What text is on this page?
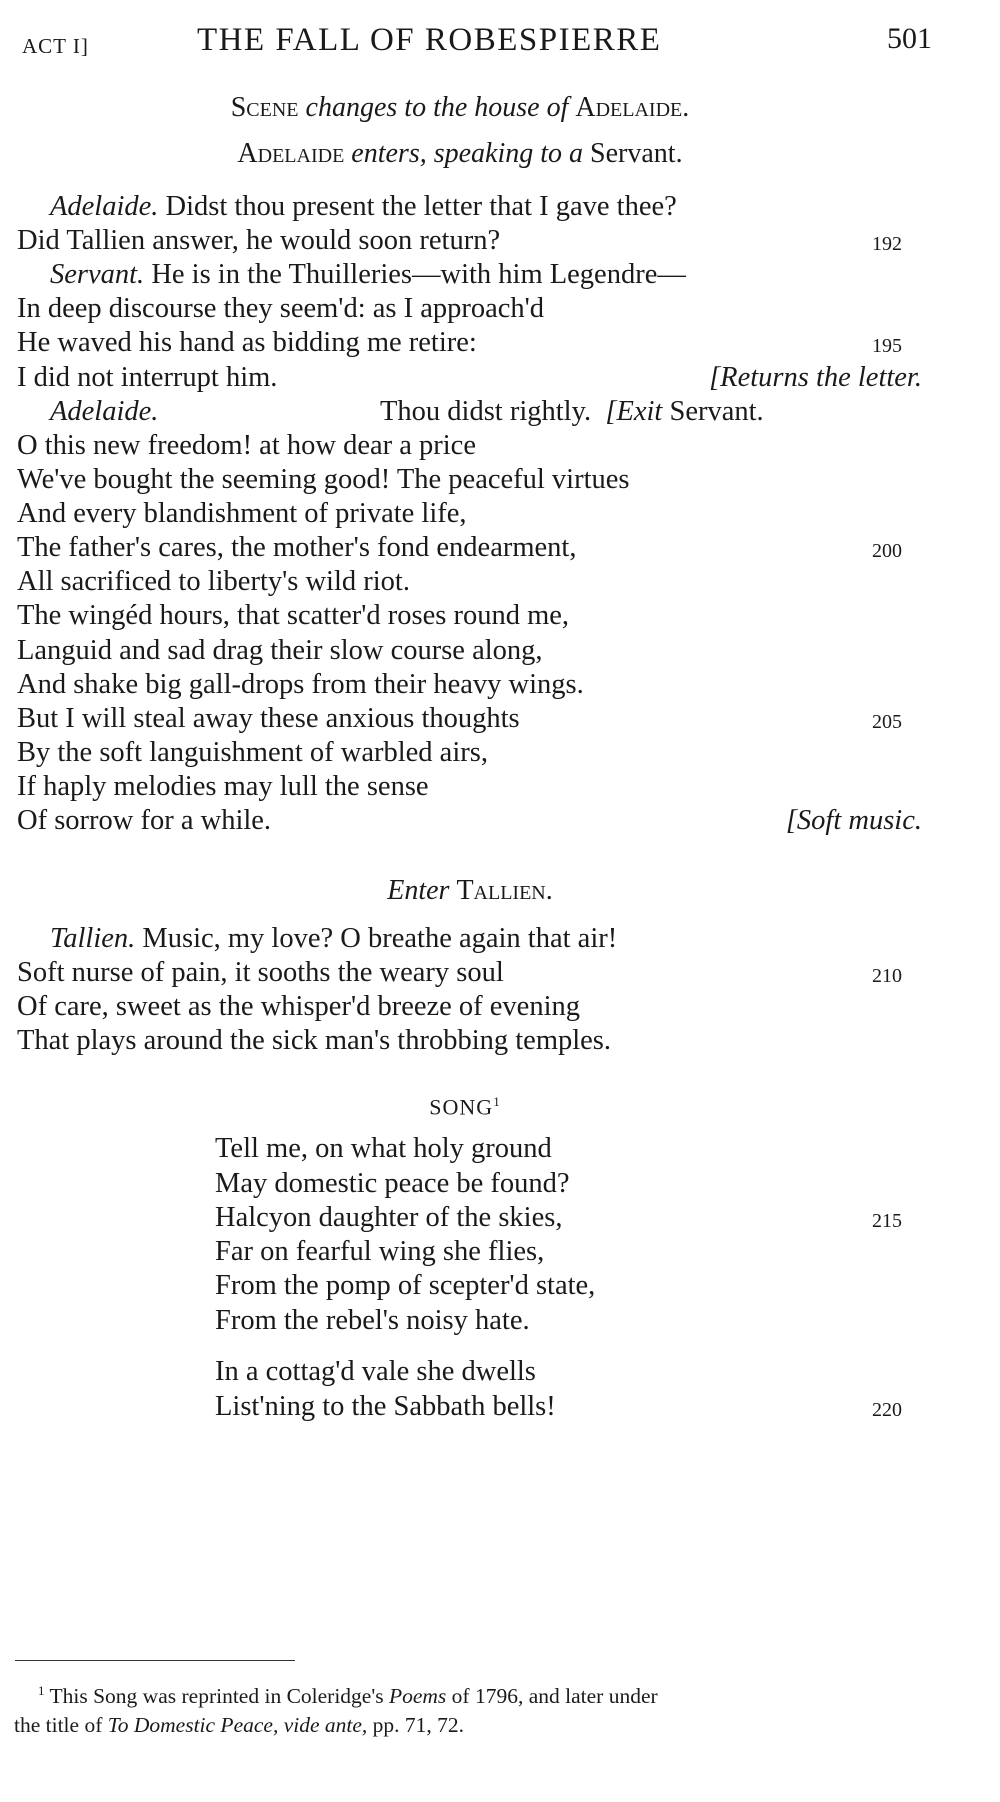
ACT I]	THE FALL OF ROBESPIERRE	501
Scene changes to the house of Adelaide.
Adelaide enters, speaking to a Servant.
Adelaide. Didst thou present the letter that I gave thee?
Did Tallien answer, he would soon return?	192
Servant. He is in the Thuilleries—with him Legendre—
In deep discourse they seem'd: as I approach'd
He waved his hand as bidding me retire:	195
I did not interrupt him.	[Returns the letter.
Adelaide.	Thou didst rightly. [Exit Servant.
O this new freedom! at how dear a price
We've bought the seeming good! The peaceful virtues
And every blandishment of private life,
The father's cares, the mother's fond endearment,	200
All sacrificed to liberty's wild riot.
The wingéd hours, that scatter'd roses round me,
Languid and sad drag their slow course along,
And shake big gall-drops from their heavy wings.
But I will steal away these anxious thoughts	205
By the soft languishment of warbled airs,
If haply melodies may lull the sense
Of sorrow for a while.	[Soft music.
Enter Tallien.
Tallien. Music, my love? O breathe again that air!
Soft nurse of pain, it sooths the weary soul	210
Of care, sweet as the whisper'd breeze of evening
That plays around the sick man's throbbing temples.
SONG$^1$
Tell me, on what holy ground
May domestic peace be found?
Halcyon daughter of the skies,	215
Far on fearful wing she flies,
From the pomp of scepter'd state,
From the rebel's noisy hate.
In a cottag'd vale she dwells
List'ning to the Sabbath bells!	220
$^1$ This Song was reprinted in Coleridge's Poems of 1796, and later under
the title of To Domestic Peace, vide ante, pp. 71, 72.
